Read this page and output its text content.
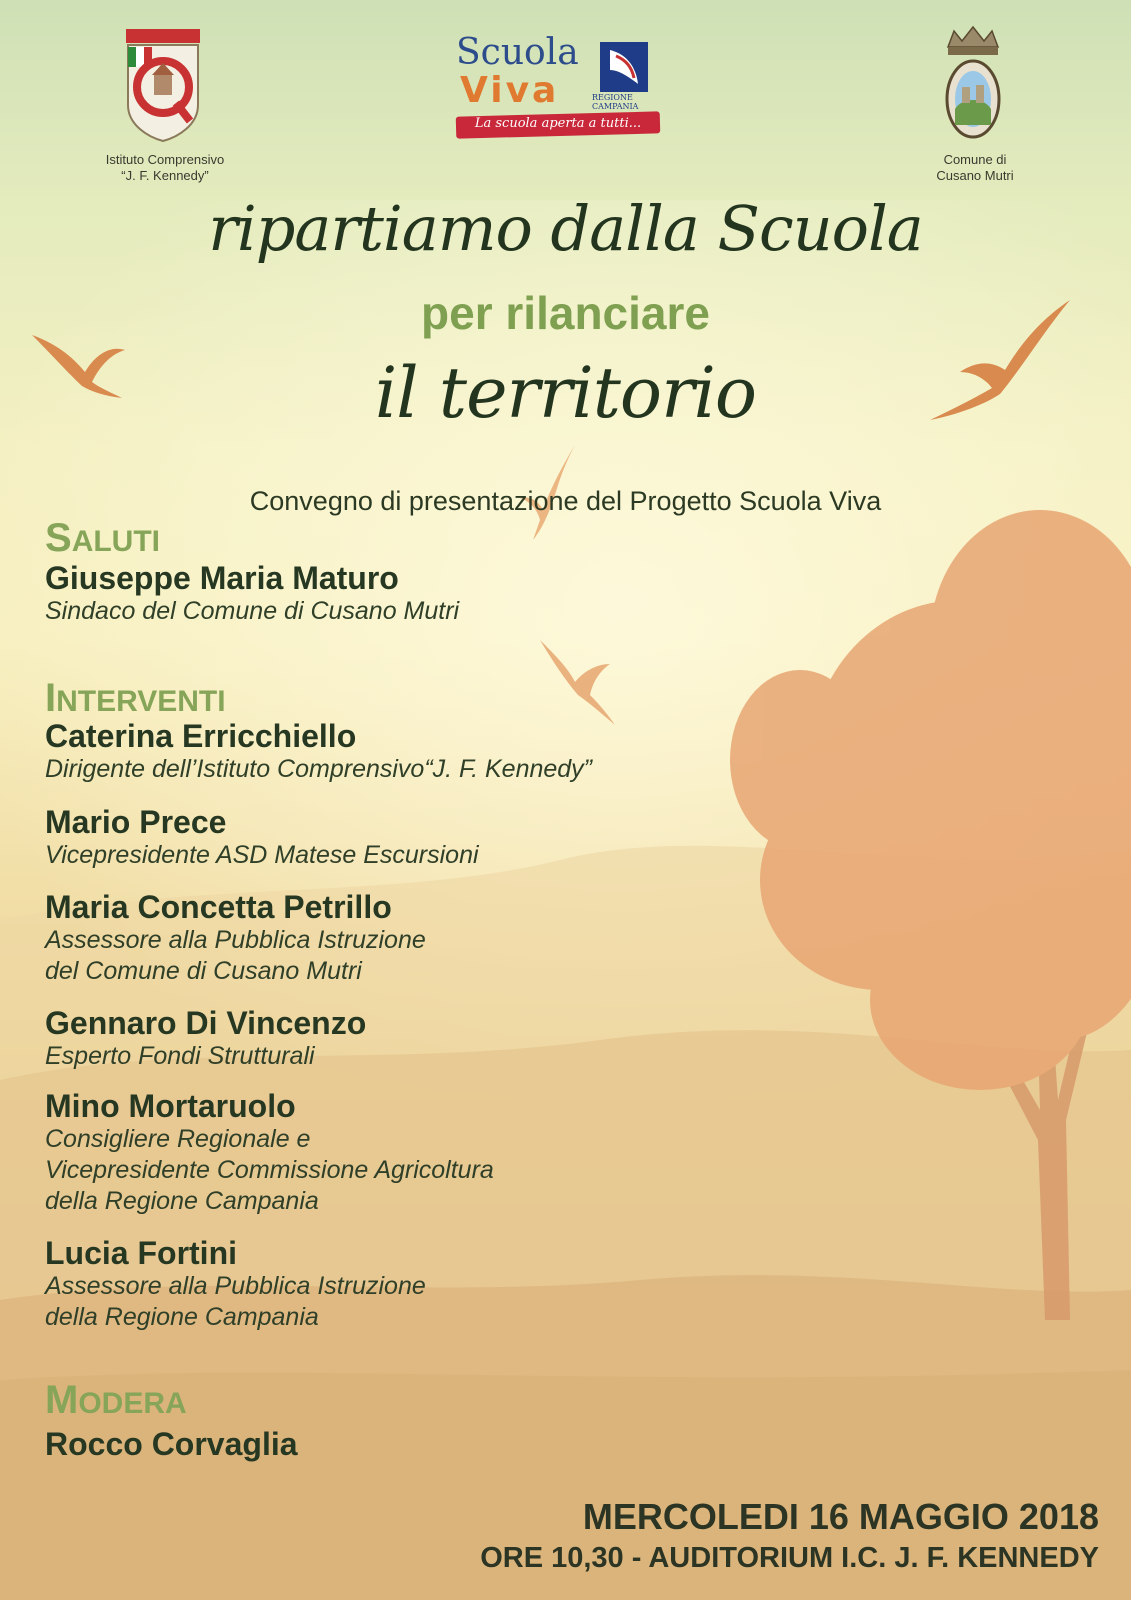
Istituto Comprensivo
“J. F. Kennedy”
Scuola
Viva	REGIONE CAMPANIA
La scuola aperta a tutti...
Comune di
Cusano Mutri
ripartiamo dalla Scuola
per rilanciare
il territorio
Convegno di presentazione del Progetto Scuola Viva
SALUTI
Giuseppe Maria Maturo
Sindaco del Comune di Cusano Mutri
INTERVENTI
Caterina Erricchiello
Dirigente dell’Istituto Comprensivo“J. F. Kennedy”
Mario Prece
Vicepresidente ASD Matese Escursioni
Maria Concetta Petrillo
Assessore alla Pubblica Istruzione
del Comune di Cusano Mutri
Gennaro Di Vincenzo
Esperto Fondi Strutturali
Mino Mortaruolo
Consigliere Regionale e
Vicepresidente Commissione Agricoltura
della Regione Campania
Lucia Fortini
Assessore alla Pubblica Istruzione
della Regione Campania
MODERA
Rocco Corvaglia
MERCOLEDI 16 MAGGIO 2018
ORE 10,30 - AUDITORIUM I.C. J. F. KENNEDY
